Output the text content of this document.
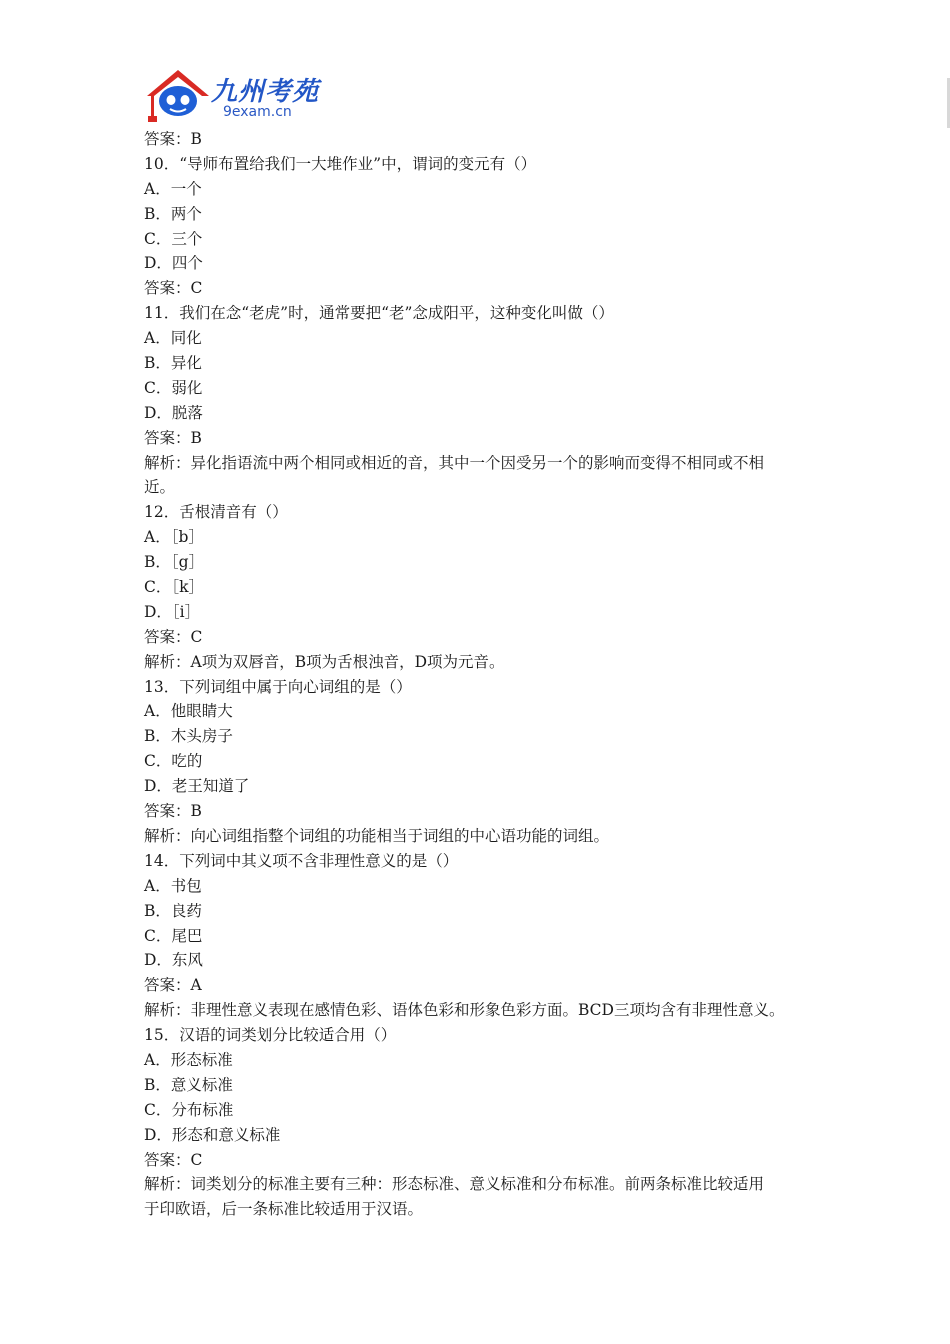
九州考苑
9exam.cn
答案：B
10．“导师布置给我们一大堆作业”中，谓词的变元有（）
A．一个
B．两个
C．三个
D．四个
答案：C
11．我们在念“老虎”时，通常要把“老”念成阳平，这种变化叫做（）
A．同化
B．异化
C．弱化
D．脱落
答案：B
解析：异化指语流中两个相同或相近的音，其中一个因受另一个的影响而变得不相同或不相
近。
12．舌根清音有（）
A．［b］
B．［g］
C．［k］
D．［i］
答案：C
解析：A项为双唇音，B项为舌根浊音，D项为元音。
13．下列词组中属于向心词组的是（）
A．他眼睛大
B．木头房子
C．吃的
D．老王知道了
答案：B
解析：向心词组指整个词组的功能相当于词组的中心语功能的词组。
14．下列词中其义项不含非理性意义的是（）
A．书包
B．良药
C．尾巴
D．东风
答案：A
解析：非理性意义表现在感情色彩、语体色彩和形象色彩方面。BCD三项均含有非理性意义。
15．汉语的词类划分比较适合用（）
A．形态标准
B．意义标准
C．分布标准
D．形态和意义标准
答案：C
解析：词类划分的标准主要有三种：形态标准、意义标准和分布标准。前两条标准比较适用
于印欧语，后一条标准比较适用于汉语。
